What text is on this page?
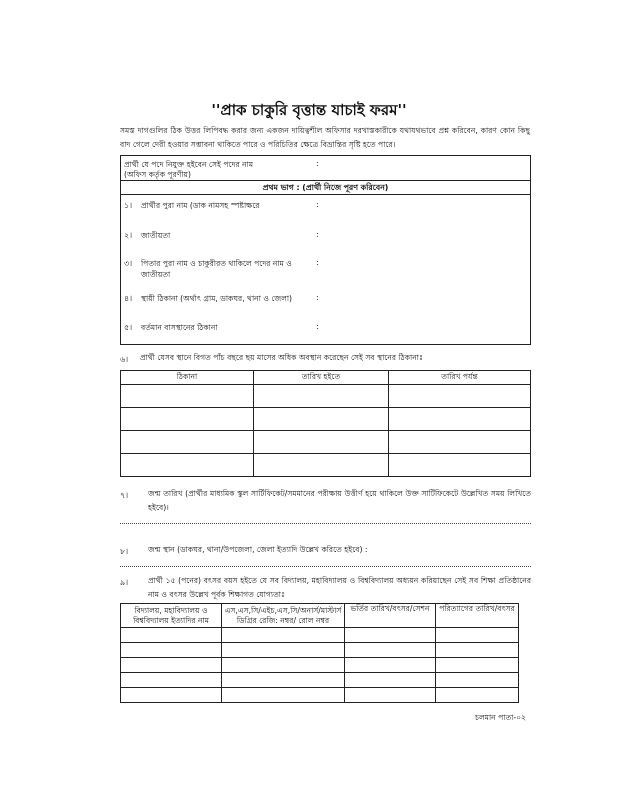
''প্রাক চাকুরি বৃত্তান্ত যাচাই ফরম''
সমস্ত দাগগুলির ঠিক উত্তর লিপিবদ্ধ করার জন্য একজন দায়িত্বশীল অফিসার দরখাস্তকারীকে যথাযথভাবে প্রশ্ন করিবেন, কারণ কোন কিছু বাদ গেলে দেরী হওয়ার সম্ভাবনা থাকিতে পারে ও পরিচিতির ক্ষেত্রে বিভ্রান্তির সৃষ্টি হতে পারে।
প্রার্থী যে পদে নিযুক্ত হইবেন সেই পদের নাম	:
(অফিস কর্তৃক পূরণীয়)
প্রথম ভাগ : (প্রার্থী নিজে পূরণ করিবেন)
১। প্রার্থীর পুরা নাম (ডাক নামসহ স্পষ্টাক্ষরে	:
২। জাতীয়তা	:
৩। পিতার পুরা নাম ও চাকুরীরত থাকিলে পদের নাম ও
জাতীয়তা
:
৪। স্থায়ী ঠিকানা (অর্থাৎ গ্রাম, ডাকঘর, থানা ও জেলা)	:
৫। বর্তমান বাসস্থানের ঠিকানা	:
৬। প্রার্থী যেসব স্থানে বিগত পাঁচ বছরে ছয় মাসের অধিক অবস্থান করেছেন সেই সব স্থানের ঠিকানাঃ
ঠিকানা	তারিখ হইতে	তারিখ পর্যন্ত

৭।	জন্ম তারিখ (প্রার্থীর মাধ্যমিক স্কুল সার্টিফিকেট/সমমানের পরীক্ষায় উত্তীর্ণ হয়ে থাকিলে উক্ত সার্টিফিকেটে উল্লেখিত সময় লিখিতে হইবে)।
৮।	জন্ম স্থান (ডাকঘর, থানা/উপজেলা, জেলা ইত্যাদি উল্লেখ করিতে হইবে) :
৯।	প্রার্থী ১৫ (পনের) বৎসর বয়স হইতে যে সব বিদ্যালয়, মহাবিদ্যালয় ও বিশ্ববিদ্যালয় অধ্যয়ন করিয়াছেন সেই সব শিক্ষা প্রতিষ্ঠানের নাম ও বৎসর উল্লেখ পূর্বক শিক্ষাগত যোগ্যতাঃ
বিদ্যালয়, মহাবিদ্যালয় ও বিশ্ববিদ্যালয় ইত্যাদির নাম	এস,এস,সি/এইচ,এস,সি/অনার্স/মাস্টার্স ডিগ্রির রেজি: নম্বর/ রোল নম্বর	ভর্তির তারিখ/বৎসর/সেশন	পরিত্যাগের তারিখ/বৎসর

চলমান পাতা-০২
